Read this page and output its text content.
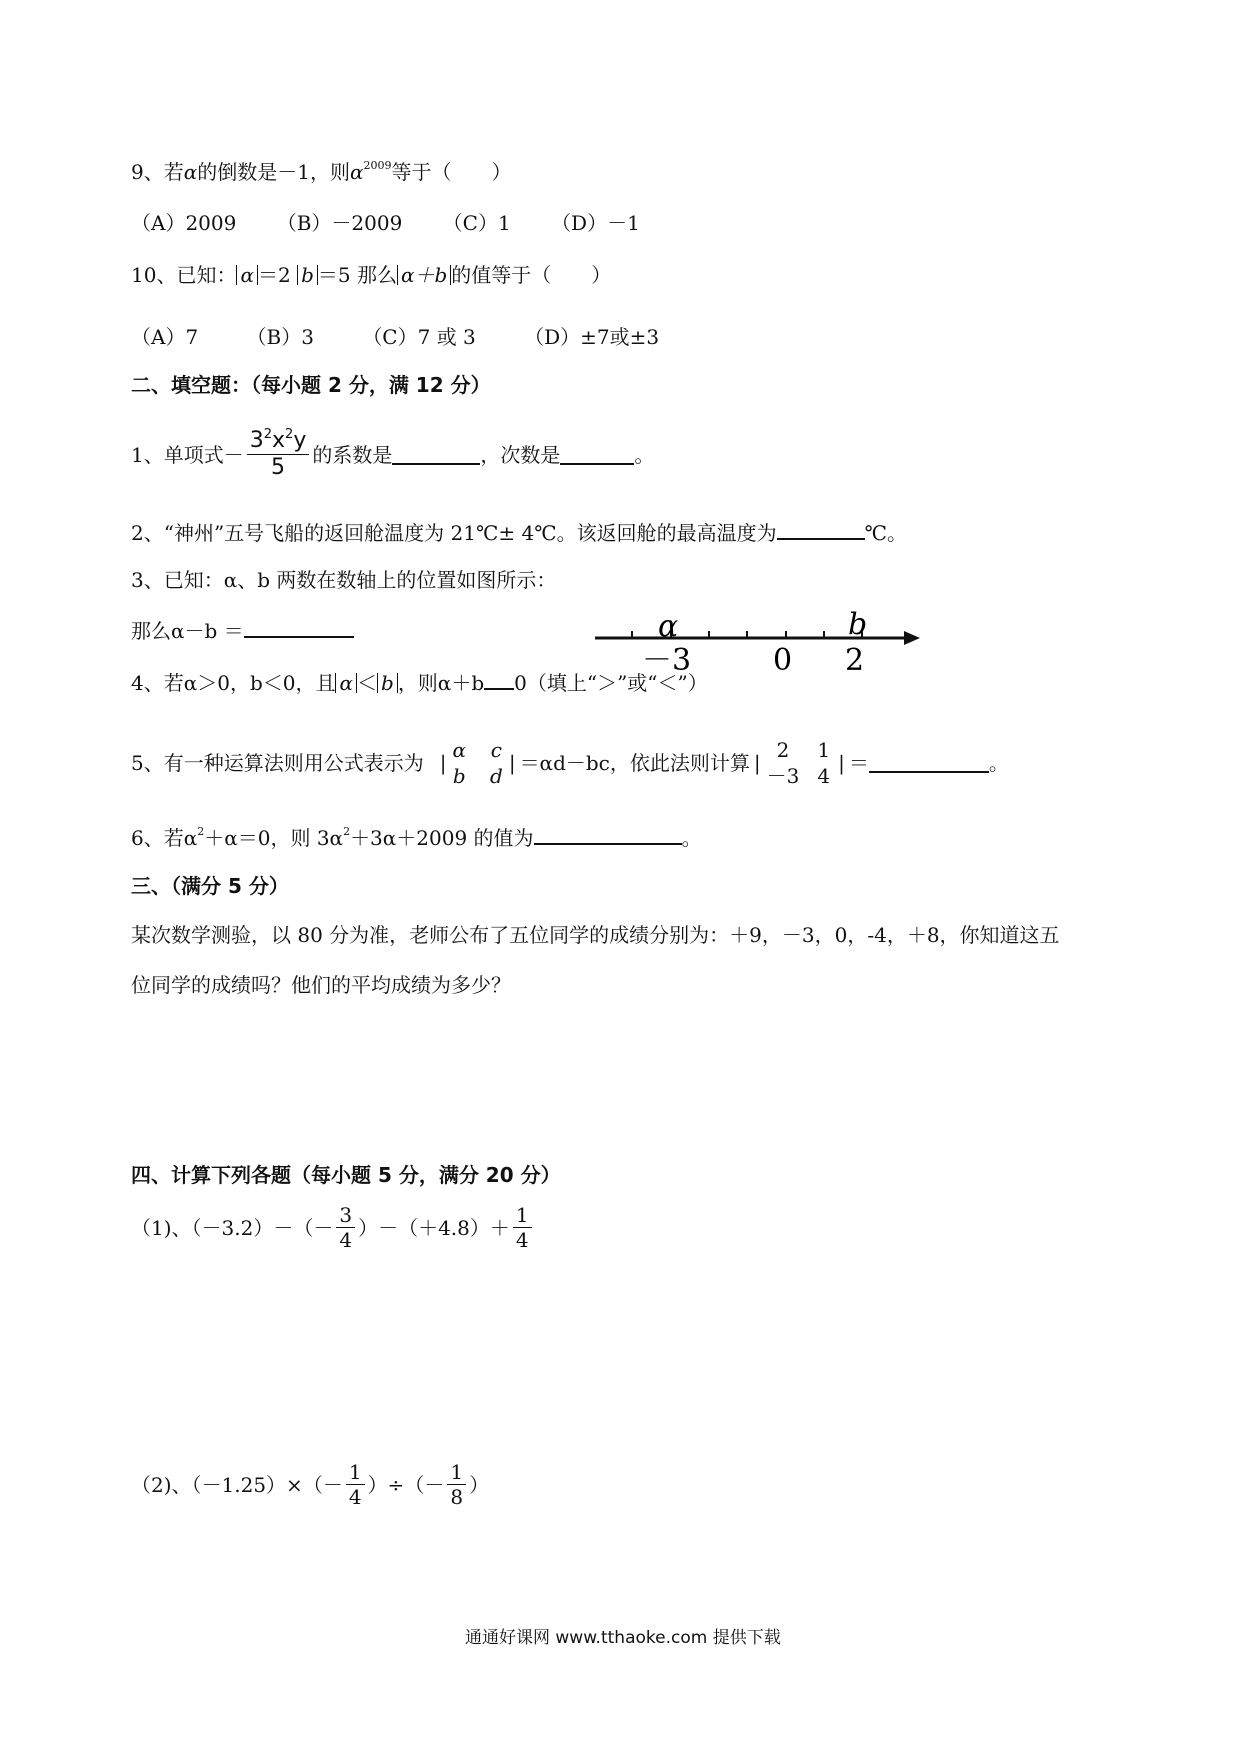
9、若α的倒数是－1，则$\alpha^{2009}$等于（　　）
（A）2009 （B）－2009 （C）1 （D）－1
10、已知： α ＝2 b ＝5 那么 α＋b 的值等于（　　）
（A）7 （B）3 （C）7 或 3 （D）±7或±3
二、填空题：（每小题 2 分，满 12 分）
1、单项式－ $\frac{3^2x^2y}{5}$ 的系数是	，次数是	。
2、“神州”五号飞船的返回舱温度为 21℃± 4℃。该返回舱的最高温度为	℃。
3、已知：α、b 两数在数轴上的位置如图所示：
那么α－b ＝	α	b
－3	0 2
4、若α＞0，b＜0，且 α ＜ b ，则α＋b 0（填上“＞”或“＜”）
5、有一种运算法则用公式表示为 |
α c
b d
| ＝αd－bc，依此法则计算 |
2	1
－3 4
| ＝	。
6、若$\alpha^2+\alpha=0$，则 $3\alpha^2+3\alpha+2009$ 的值为	。
三、（满分 5 分）
某次数学测验，以 80 分为准，老师公布了五位同学的成绩分别为：＋9，－3，0，-4，＋8，你知道这五
位同学的成绩吗？他们的平均成绩为多少？
四、计算下列各题（每小题 5 分，满分 20 分）
（1)、$(-3.2)-(- \frac{3}{4} )-(+4.8)+ \frac{1}{4}$
（2)、$(-1.25)\times(- \frac{1}{4}$ ）÷（－ $\frac{1}{8}$ ）
通通好课网 www.tthaoke.com 提供下载
